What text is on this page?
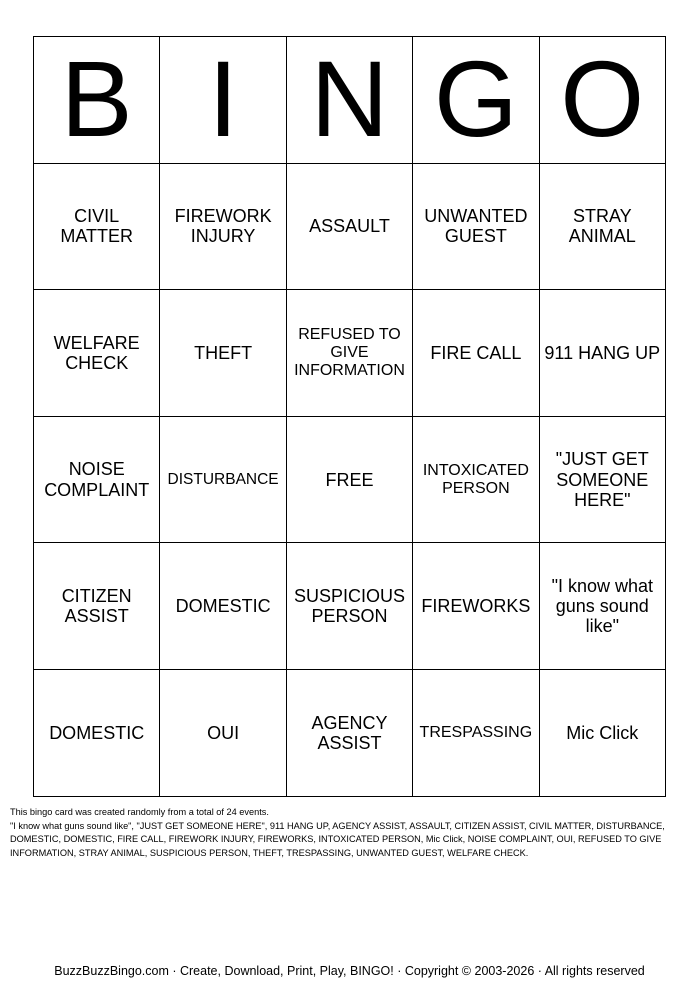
B	I	N	G	O
CIVIL MATTER	FIREWORK INJURY	ASSAULT	UNWANTED GUEST	STRAY ANIMAL
WELFARE CHECK	THEFT	REFUSED TO GIVE INFORMATION	FIRE CALL	911 HANG UP
NOISE COMPLAINT	DISTURBANCE	FREE	INTOXICATED PERSON	"JUST GET SOMEONE HERE"
CITIZEN ASSIST	DOMESTIC	SUSPICIOUS PERSON	FIREWORKS	"I know what guns sound like"
DOMESTIC	OUI	AGENCY ASSIST	TRESPASSING	Mic Click
This bingo card was created randomly from a total of 24 events.
"I know what guns sound like", "JUST GET SOMEONE HERE", 911 HANG UP, AGENCY ASSIST, ASSAULT, CITIZEN ASSIST, CIVIL MATTER, DISTURBANCE, DOMESTIC, DOMESTIC, FIRE CALL, FIREWORK INJURY, FIREWORKS, INTOXICATED PERSON, Mic Click, NOISE COMPLAINT, OUI, REFUSED TO GIVE INFORMATION, STRAY ANIMAL, SUSPICIOUS PERSON, THEFT, TRESPASSING, UNWANTED GUEST, WELFARE CHECK.
BuzzBuzzBingo.com · Create, Download, Print, Play, BINGO! · Copyright © 2003-2026 · All rights reserved
